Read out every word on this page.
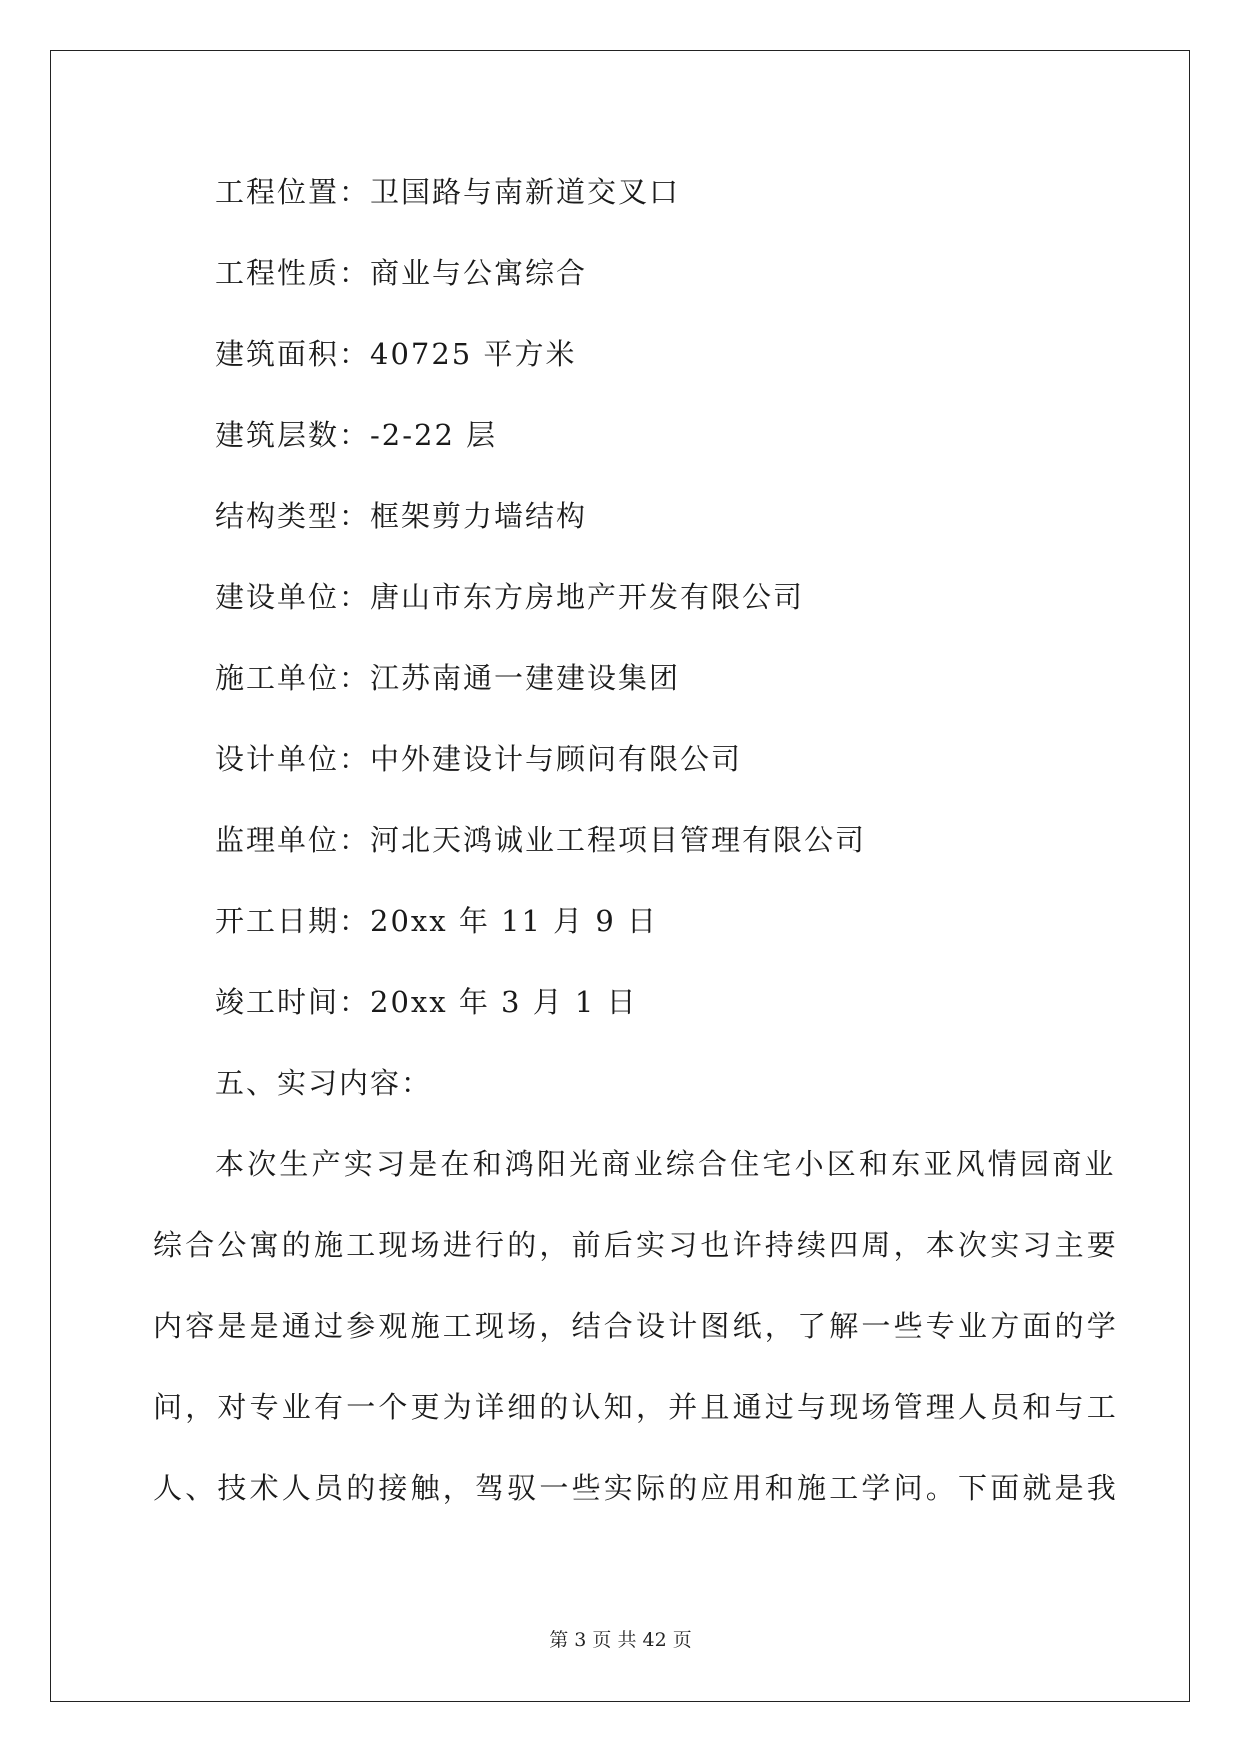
工程位置：卫国路与南新道交叉口
工程性质：商业与公寓综合
建筑面积：40725 平方米
建筑层数：-2-22 层
结构类型：框架剪力墙结构
建设单位：唐山市东方房地产开发有限公司
施工单位：江苏南通一建建设集团
设计单位：中外建设计与顾问有限公司
监理单位：河北天鸿诚业工程项目管理有限公司
开工日期：20xx 年 11 月 9 日
竣工时间：20xx 年 3 月 1 日
五、实习内容：
本次生产实习是在和鸿阳光商业综合住宅小区和东亚风情园商业
综合公寓的施工现场进行的，前后实习也许持续四周，本次实习主要
内容是是通过参观施工现场，结合设计图纸，了解一些专业方面的学
问，对专业有一个更为详细的认知，并且通过与现场管理人员和与工
人、技术人员的接触，驾驭一些实际的应用和施工学问。下面就是我
第 3 页 共 42 页
